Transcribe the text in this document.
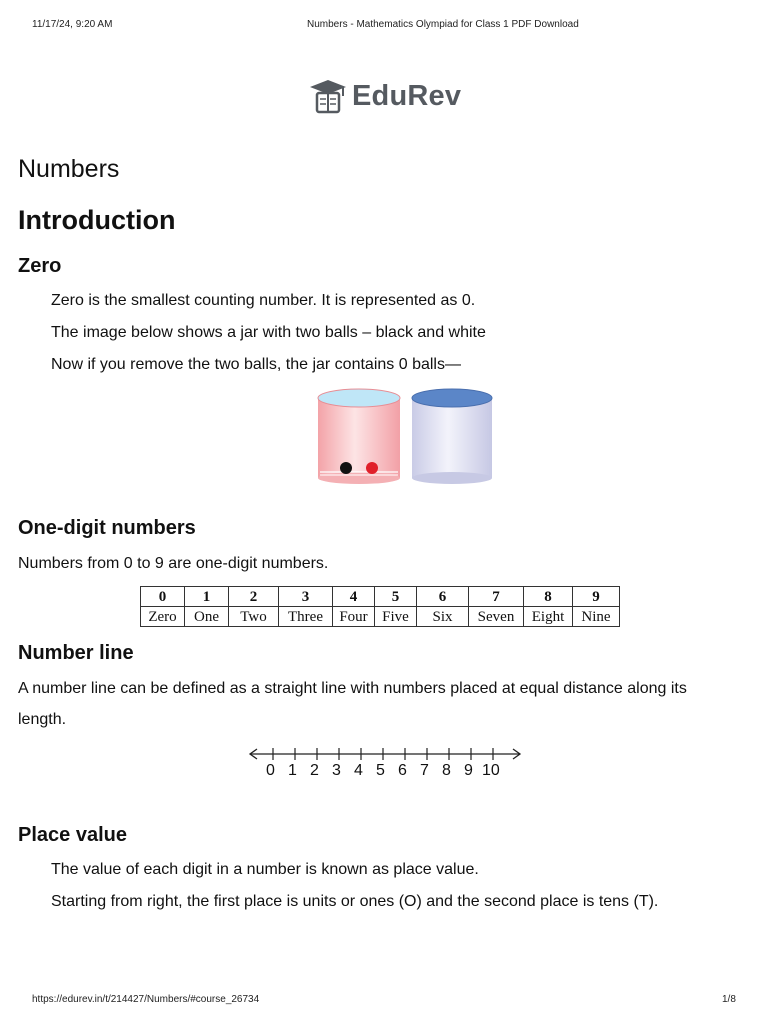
11/17/24, 9:20 AM	Numbers - Mathematics Olympiad for Class 1 PDF Download
EduRev
Numbers
Introduction
Zero
Zero is the smallest counting number. It is represented as 0.
The image below shows a jar with two balls – black and white
Now if you remove the two balls, the jar contains 0 balls—
One-digit numbers
Numbers from 0 to 9 are one-digit numbers.
0	1	2	3	4	5	6	7	8	9
Zero	One	Two	Three	Four	Five	Six	Seven	Eight	Nine
Number line
A number line can be defined as a straight line with numbers placed at equal distance along its
length.
0 1 2 3 4 5 6 7 8 9 10
Place value
The value of each digit in a number is known as place value.
Starting from right, the first place is units or ones (O) and the second place is tens (T).
https://edurev.in/t/214427/Numbers/#course_26734	1/8
